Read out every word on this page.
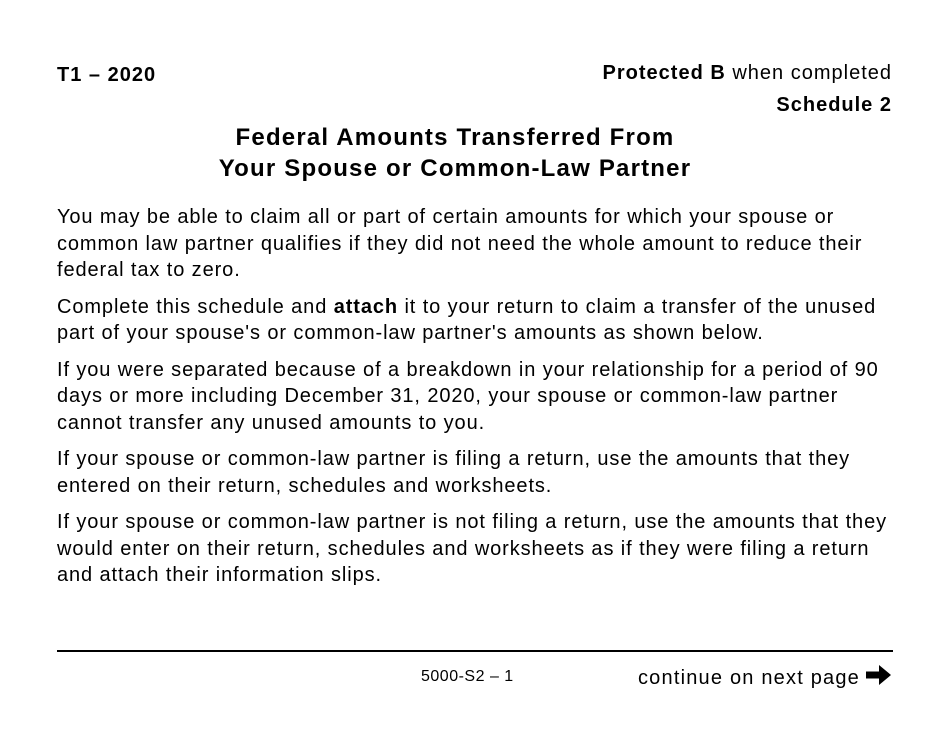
T1 – 2020	Protected B when completed
Schedule 2
Federal Amounts Transferred From
Your Spouse or Common-Law Partner

You may be able to claim all or part of certain amounts for which your spouse or common law partner qualifies if they did not need the whole amount to reduce their federal tax to zero.

Complete this schedule and attach it to your return to claim a transfer of the unused part of your spouse's or common-law partner's amounts as shown below.

If you were separated because of a breakdown in your relationship for a period of 90 days or more including December 31, 2020, your spouse or common-law partner cannot transfer any unused amounts to you.

If your spouse or common-law partner is filing a return, use the amounts that they entered on their return, schedules and worksheets.

If your spouse or common-law partner is not filing a return, use the amounts that they would enter on their return, schedules and worksheets as if they were filing a return and attach their information slips.

5000-S2 – 1	continue on next page
